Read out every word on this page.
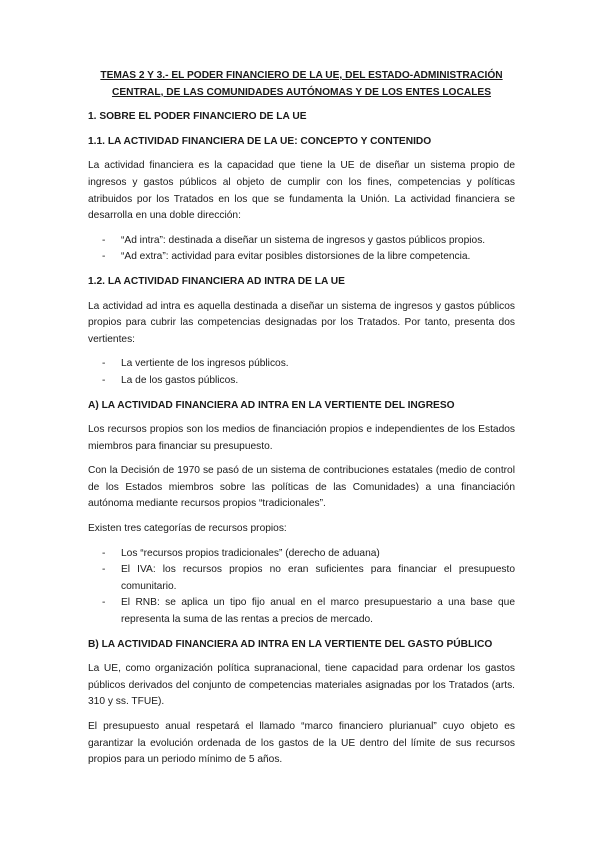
TEMAS 2 Y 3.- EL PODER FINANCIERO DE LA UE, DEL ESTADO-ADMINISTRACIÓN CENTRAL, DE LAS COMUNIDADES AUTÓNOMAS Y DE LOS ENTES LOCALES
1. SOBRE EL PODER FINANCIERO DE LA UE
1.1. LA ACTIVIDAD FINANCIERA DE LA UE: CONCEPTO Y CONTENIDO

La actividad financiera es la capacidad que tiene la UE de diseñar un sistema propio de ingresos y gastos públicos al objeto de cumplir con los fines, competencias y políticas atribuidos por los Tratados en los que se fundamenta la Unión. La actividad financiera se desarrolla en una doble dirección:

- “Ad intra”: destinada a diseñar un sistema de ingresos y gastos públicos propios.
- “Ad extra”: actividad para evitar posibles distorsiones de la libre competencia.
1.2. LA ACTIVIDAD FINANCIERA AD INTRA DE LA UE

La actividad ad intra es aquella destinada a diseñar un sistema de ingresos y gastos públicos propios para cubrir las competencias designadas por los Tratados. Por tanto, presenta dos vertientes:

- La vertiente de los ingresos públicos.
- La de los gastos públicos.
A) LA ACTIVIDAD FINANCIERA AD INTRA EN LA VERTIENTE DEL INGRESO

Los recursos propios son los medios de financiación propios e independientes de los Estados miembros para financiar su presupuesto.

Con la Decisión de 1970 se pasó de un sistema de contribuciones estatales (medio de control de los Estados miembros sobre las políticas de las Comunidades) a una financiación autónoma mediante recursos propios “tradicionales”.

Existen tres categorías de recursos propios:

- Los “recursos propios tradicionales” (derecho de aduana)
- El IVA: los recursos propios no eran suficientes para financiar el presupuesto comunitario.
- El RNB: se aplica un tipo fijo anual en el marco presupuestario a una base que representa la suma de las rentas a precios de mercado.
B) LA ACTIVIDAD FINANCIERA AD INTRA EN LA VERTIENTE DEL GASTO PÚBLICO

La UE, como organización política supranacional, tiene capacidad para ordenar los gastos públicos derivados del conjunto de competencias materiales asignadas por los Tratados (arts. 310 y ss. TFUE).

El presupuesto anual respetará el llamado “marco financiero plurianual” cuyo objeto es garantizar la evolución ordenada de los gastos de la UE dentro del límite de sus recursos propios para un periodo mínimo de 5 años.
